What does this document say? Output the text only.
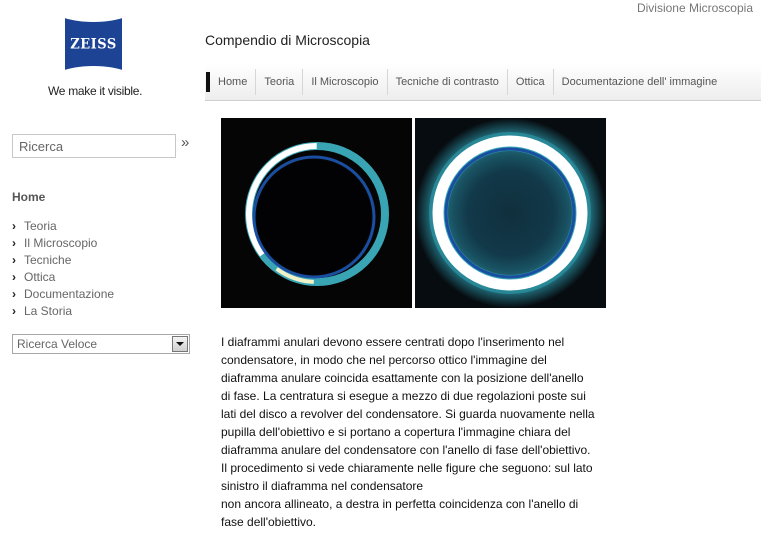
Divisione Microscopia
ZEISS
We make it visible.
Compendio di Microscopia
Home	Teoria	Il Microscopio	Tecniche di contrasto	Ottica	Documentazione dell' immagine
Ricerca
»
Home
› Teoria
› Il Microscopio
› Tecniche
› Ottica
› Documentazione
› La Storia
Ricerca Veloce	I diaframmi anulari devono essere centrati dopo l'inserimento nel

condensatore, in modo che nel percorso ottico l'immagine del

diaframma anulare coincida esattamente con la posizione dell'anello

di fase. La centratura si esegue a mezzo di due regolazioni poste sui

lati del disco a revolver del condensatore. Si guarda nuovamente nella

pupilla dell'obiettivo e si portano a copertura l'immagine chiara del

diaframma anulare del condensatore con l'anello di fase dell'obiettivo.

Il procedimento si vede chiaramente nelle figure che seguono: sul lato

sinistro il diaframma nel condensatore

non ancora allineato, a destra in perfetta coincidenza con l'anello di

fase dell'obiettivo.
